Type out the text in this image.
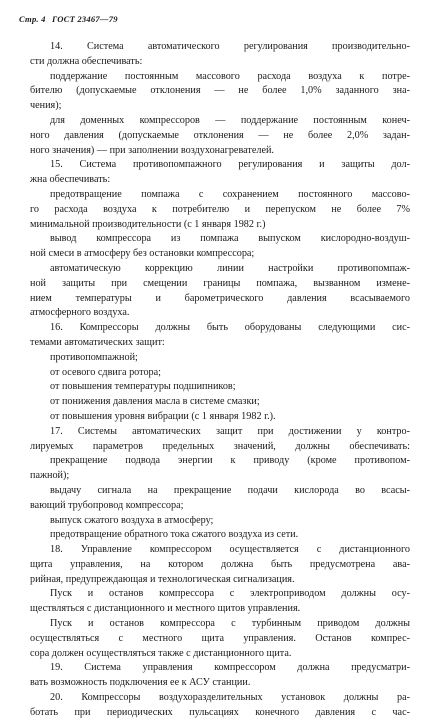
Стр. 4 ГОСТ 23467—79
14. Система автоматического регулирования производительно-
сти должна обеспечивать:
поддержание постоянным массового расхода воздуха к потре-
бителю (допускаемые отклонения — не более 1,0% заданного зна-
чения);
для доменных компрессоров — поддержание постоянным конеч-
ного давления (допускаемые отклонения — не более 2,0% задан-
ного значения) — при заполнении воздухонагревателей.
15. Система противопомпажного регулирования и защиты дол-
жна обеспечивать:
предотвращение помпажа с сохранением постоянного массово-
го расхода воздуха к потребителю и перепуском не более 7%
минимальной производительности (с 1 января 1982 г.)
вывод компрессора из помпажа выпуском кислородно-воздуш-
ной смеси в атмосферу без остановки компрессора;
автоматическую коррекцию линии настройки противопомпаж-
ной защиты при смещении границы помпажа, вызванном измене-
нием температуры и барометрического давления всасываемого
атмосферного воздуха.
16. Компрессоры должны быть оборудованы следующими сис-
темами автоматических защит:
противопомпажной;
от осевого сдвига ротора;
от повышения температуры подшипников;
от понижения давления масла в системе смазки;
от повышения уровня вибрации (с 1 января 1982 г.).
17. Системы автоматических защит при достижении у контро-
лируемых параметров предельных значений, должны обеспечивать:
прекращение подвода энергии к приводу (кроме противопом-
пажной);
выдачу сигнала на прекращение подачи кислорода во всасы-
вающий трубопровод компрессора;
выпуск сжатого воздуха в атмосферу;
предотвращение обратного тока сжатого воздуха из сети.
18. Управление компрессором осуществляется с дистанционного
щита управления, на котором должна быть предусмотрена ава-
рийная, предупреждающая и технологическая сигнализация.
Пуск и останов компрессора с электроприводом должны осу-
ществляться с дистанционного и местного щитов управления.
Пуск и останов компрессора с турбинным приводом должны
осуществляться с местного щита управления. Останов компрес-
сора должен осуществляться также с дистанционного щита.
19. Система управления компрессором должна предусматри-
вать возможность подключения ее к АСУ станции.
20. Компрессоры воздухоразделительных установок должны ра-
ботать при периодических пульсациях конечного давления с час-
